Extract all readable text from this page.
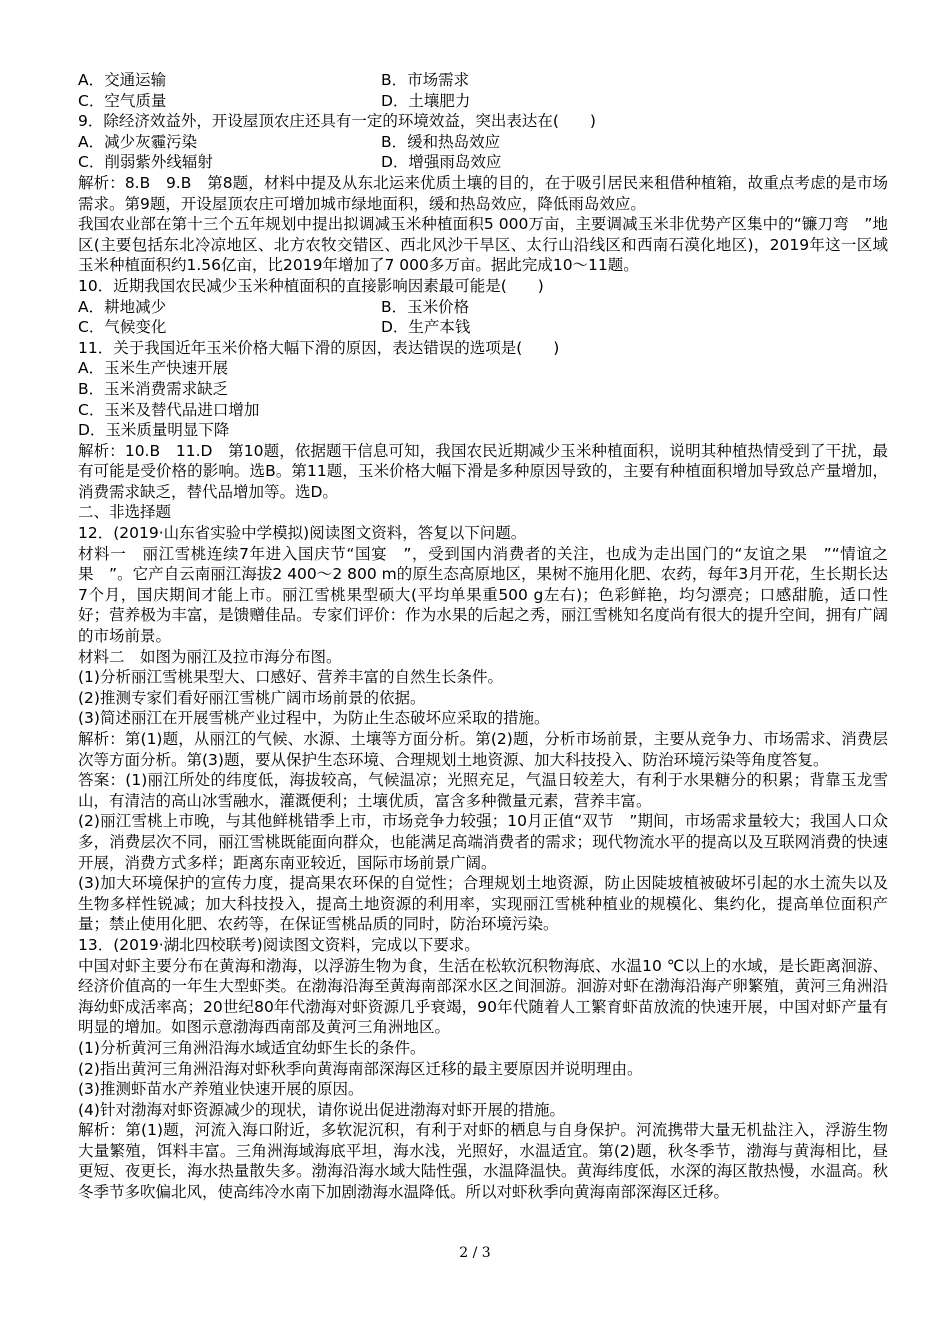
A．交通运输	B．市场需求
C．空气质量	D．土壤肥力
9．除经济效益外，开设屋顶农庄还具有一定的环境效益，突出表达在(　　)
A．减少灰霾污染	B．缓和热岛效应
C．削弱紫外线辐射	D．增强雨岛效应
解析：8.B　9.B　第8题，材料中提及从东北运来优质土壤的目的，在于吸引居民来租借种植箱，故重点考虑的是市场需求。第9题，开设屋顶农庄可增加城市绿地面积，缓和热岛效应，降低雨岛效应。
我国农业部在第十三个五年规划中提出拟调减玉米种植面积5 000万亩，主要调减玉米非优势产区集中的“镰刀弯　”地区(主要包括东北冷凉地区、北方农牧交错区、西北风沙干旱区、太行山沿线区和西南石漠化地区)，2019年这一区域玉米种植面积约1.56亿亩，比2019年增加了7 000多万亩。据此完成10～11题。
10．近期我国农民减少玉米种植面积的直接影响因素最可能是(　　)
A．耕地减少	B．玉米价格
C．气候变化	D．生产本钱
11．关于我国近年玉米价格大幅下滑的原因，表达错误的选项是(　　)
A．玉米生产快速开展
B．玉米消费需求缺乏
C．玉米及替代品进口增加
D．玉米质量明显下降
解析：10.B　11.D　第10题，依据题干信息可知，我国农民近期减少玉米种植面积，说明其种植热情受到了干扰，最有可能是受价格的影响。选B。第11题，玉米价格大幅下滑是多种原因导致的，主要有种植面积增加导致总产量增加，消费需求缺乏，替代品增加等。选D。
二、非选择题
12．(2019·山东省实验中学模拟)阅读图文资料，答复以下问题。
材料一　丽江雪桃连续7年进入国庆节“国宴　”，受到国内消费者的关注，也成为走出国门的“友谊之果　”“情谊之果　”。它产自云南丽江海拔2 400～2 800 m的原生态高原地区，果树不施用化肥、农药，每年3月开花，生长期长达7个月，国庆期间才能上市。丽江雪桃果型硕大(平均单果重500 g左右)；色彩鲜艳，均匀漂亮；口感甜脆，适口性好；营养极为丰富，是馈赠佳品。专家们评价：作为水果的后起之秀，丽江雪桃知名度尚有很大的提升空间，拥有广阔的市场前景。
材料二　如图为丽江及拉市海分布图。
(1)分析丽江雪桃果型大、口感好、营养丰富的自然生长条件。
(2)推测专家们看好丽江雪桃广阔市场前景的依据。
(3)简述丽江在开展雪桃产业过程中，为防止生态破坏应采取的措施。
解析：第(1)题，从丽江的气候、水源、土壤等方面分析。第(2)题，分析市场前景，主要从竞争力、市场需求、消费层次等方面分析。第(3)题，要从保护生态环境、合理规划土地资源、加大科技投入、防治环境污染等角度答复。
答案：(1)丽江所处的纬度低，海拔较高，气候温凉；光照充足，气温日较差大，有利于水果糖分的积累；背靠玉龙雪山，有清洁的高山冰雪融水，灌溉便利；土壤优质，富含多种微量元素，营养丰富。
(2)丽江雪桃上市晚，与其他鲜桃错季上市，市场竞争力较强；10月正值“双节　”期间，市场需求量较大；我国人口众多，消费层次不同，丽江雪桃既能面向群众，也能满足高端消费者的需求；现代物流水平的提高以及互联网消费的快速开展，消费方式多样；距离东南亚较近，国际市场前景广阔。
(3)加大环境保护的宣传力度，提高果农环保的自觉性；合理规划土地资源，防止因陡坡植被破坏引起的水土流失以及生物多样性锐减；加大科技投入，提高土地资源的利用率，实现丽江雪桃种植业的规模化、集约化，提高单位面积产量；禁止使用化肥、农药等，在保证雪桃品质的同时，防治环境污染。
13．(2019·湖北四校联考)阅读图文资料，完成以下要求。
中国对虾主要分布在黄海和渤海，以浮游生物为食，生活在松软沉积物海底、水温10 ℃以上的水域，是长距离洄游、经济价值高的一年生大型虾类。在渤海沿海至黄海南部深水区之间洄游。洄游对虾在渤海沿海产卵繁殖，黄河三角洲沿海幼虾成活率高；20世纪80年代渤海对虾资源几乎衰竭，90年代随着人工繁育虾苗放流的快速开展，中国对虾产量有明显的增加。如图示意渤海西南部及黄河三角洲地区。
(1)分析黄河三角洲沿海水域适宜幼虾生长的条件。
(2)指出黄河三角洲沿海对虾秋季向黄海南部深海区迁移的最主要原因并说明理由。
(3)推测虾苗水产养殖业快速开展的原因。
(4)针对渤海对虾资源减少的现状，请你说出促进渤海对虾开展的措施。
解析：第(1)题，河流入海口附近，多软泥沉积，有利于对虾的栖息与自身保护。河流携带大量无机盐注入，浮游生物大量繁殖，饵料丰富。三角洲海域海底平坦，海水浅，光照好，水温适宜。第(2)题，秋冬季节，渤海与黄海相比，昼更短、夜更长，海水热量散失多。渤海沿海水域大陆性强，水温降温快。黄海纬度低，水深的海区散热慢，水温高。秋冬季节多吹偏北风，使高纬冷水南下加剧渤海水温降低。所以对虾秋季向黄海南部深海区迁移。
2 / 3
